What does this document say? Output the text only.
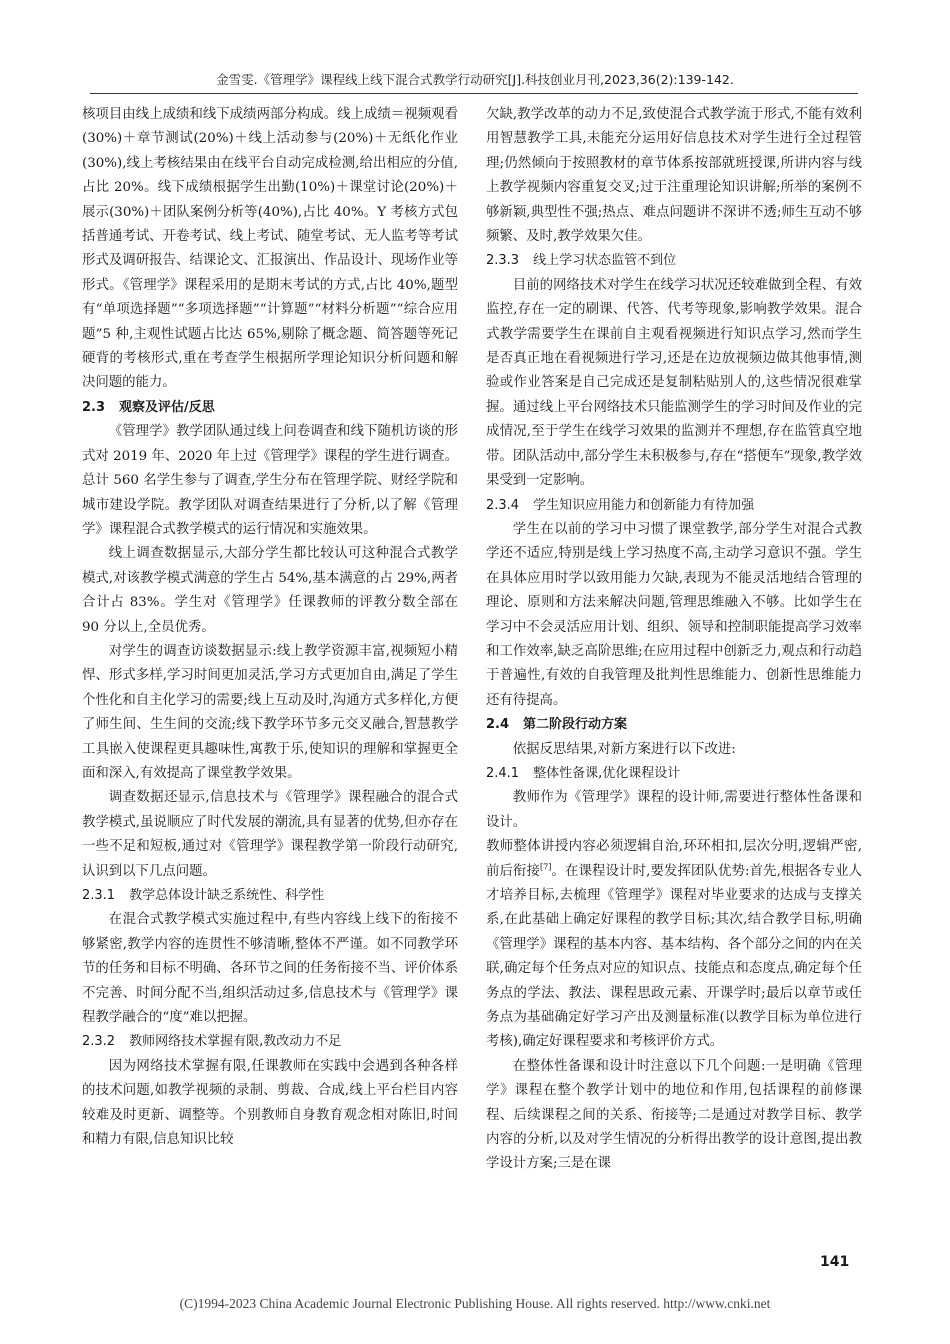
金雪雯.《管理学》课程线上线下混合式教学行动研究[J].科技创业月刊,2023,36(2):139-142.

核项目由线上成绩和线下成绩两部分构成。线上成绩＝视频观看(30%)＋章节测试(20%)＋线上活动参与(20%)＋无纸化作业(30%),线上考核结果由在线平台自动完成检测,给出相应的分值,占比 20%。线下成绩根据学生出勤(10%)＋课堂讨论(20%)＋展示(30%)＋团队案例分析等(40%),占比 40%。Y 考核方式包括普通考试、开卷考试、线上考试、随堂考试、无人监考等考试形式及调研报告、结课论文、汇报演出、作品设计、现场作业等形式。《管理学》课程采用的是期末考试的方式,占比 40%,题型有“单项选择题”“多项选择题”“计算题”“材料分析题”“综合应用题”5 种,主观性试题占比达 65%,剔除了概念题、简答题等死记硬背的考核形式,重在考查学生根据所学理论知识分析问题和解决问题的能力。

2.3 观察及评估/反思

《管理学》教学团队通过线上问卷调查和线下随机访谈的形式对 2019 年、2020 年上过《管理学》课程的学生进行调查。总计 560 名学生参与了调查,学生分布在管理学院、财经学院和城市建设学院。教学团队对调查结果进行了分析,以了解《管理学》课程混合式教学模式的运行情况和实施效果。

线上调查数据显示,大部分学生都比较认可这种混合式教学模式,对该教学模式满意的学生占 54%,基本满意的占 29%,两者合计占 83%。学生对《管理学》任课教师的评教分数全部在 90 分以上,全员优秀。

对学生的调查访谈数据显示:线上教学资源丰富,视频短小精悍、形式多样,学习时间更加灵活,学习方式更加自由,满足了学生个性化和自主化学习的需要;线上互动及时,沟通方式多样化,方便了师生间、生生间的交流;线下教学环节多元交叉融合,智慧教学工具嵌入使课程更具趣味性,寓教于乐,使知识的理解和掌握更全面和深入,有效提高了课堂教学效果。

调查数据还显示,信息技术与《管理学》课程融合的混合式教学模式,虽说顺应了时代发展的潮流,具有显著的优势,但亦存在一些不足和短板,通过对《管理学》课程教学第一阶段行动研究,认识到以下几点问题。

2.3.1 教学总体设计缺乏系统性、科学性

在混合式教学模式实施过程中,有些内容线上线下的衔接不够紧密,教学内容的连贯性不够清晰,整体不严谨。如不同教学环节的任务和目标不明确、各环节之间的任务衔接不当、评价体系不完善、时间分配不当,组织活动过多,信息技术与《管理学》课程教学融合的“度”难以把握。

2.3.2 教师网络技术掌握有限,教改动力不足

因为网络技术掌握有限,任课教师在实践中会遇到各种各样的技术问题,如教学视频的录制、剪裁、合成,线上平台栏目内容较难及时更新、调整等。个别教师自身教育观念相对陈旧,时间和精力有限,信息知识比较

欠缺,教学改革的动力不足,致使混合式教学流于形式,不能有效利用智慧教学工具,未能充分运用好信息技术对学生进行全过程管理;仍然倾向于按照教材的章节体系按部就班授课,所讲内容与线上教学视频内容重复交叉;过于注重理论知识讲解;所举的案例不够新颖,典型性不强;热点、难点问题讲不深讲不透;师生互动不够频繁、及时,教学效果欠佳。

2.3.3 线上学习状态监管不到位

目前的网络技术对学生在线学习状况还较难做到全程、有效监控,存在一定的刷课、代答、代考等现象,影响教学效果。混合式教学需要学生在课前自主观看视频进行知识点学习,然而学生是否真正地在看视频进行学习,还是在边放视频边做其他事情,测验或作业答案是自己完成还是复制粘贴别人的,这些情况很难掌握。通过线上平台网络技术只能监测学生的学习时间及作业的完成情况,至于学生在线学习效果的监测并不理想,存在监管真空地带。团队活动中,部分学生未积极参与,存在“搭便车”现象,教学效果受到一定影响。

2.3.4 学生知识应用能力和创新能力有待加强

学生在以前的学习中习惯了课堂教学,部分学生对混合式教学还不适应,特别是线上学习热度不高,主动学习意识不强。学生在具体应用时学以致用能力欠缺,表现为不能灵活地结合管理的理论、原则和方法来解决问题,管理思维融入不够。比如学生在学习中不会灵活应用计划、组织、领导和控制职能提高学习效率和工作效率,缺乏高阶思维;在应用过程中创新乏力,观点和行动趋于普遍性,有效的自我管理及批判性思维能力、创新性思维能力还有待提高。

2.4 第二阶段行动方案

依据反思结果,对新方案进行以下改进:

2.4.1 整体性备课,优化课程设计

教师作为《管理学》课程的设计师,需要进行整体性备课和设计。

教师整体讲授内容必须逻辑自治,环环相扣,层次分明,逻辑严密,前后衔接[7]。在课程设计时,要发挥团队优势:首先,根据各专业人才培养目标,去梳理《管理学》课程对毕业要求的达成与支撑关系,在此基础上确定好课程的教学目标;其次,结合教学目标,明确《管理学》课程的基本内容、基本结构、各个部分之间的内在关联,确定每个任务点对应的知识点、技能点和态度点,确定每个任务点的学法、教法、课程思政元素、开课学时;最后以章节或任务点为基础确定好学习产出及测量标准(以教学目标为单位进行考核),确定好课程要求和考核评价方式。

在整体性备课和设计时注意以下几个问题:一是明确《管理学》课程在整个教学计划中的地位和作用,包括课程的前修课程、后续课程之间的关系、衔接等;二是通过对教学目标、教学内容的分析,以及对学生情况的分析得出教学的设计意图,提出教学设计方案;三是在课

141
(C)1994-2023 China Academic Journal Electronic Publishing House. All rights reserved. http://www.cnki.net
